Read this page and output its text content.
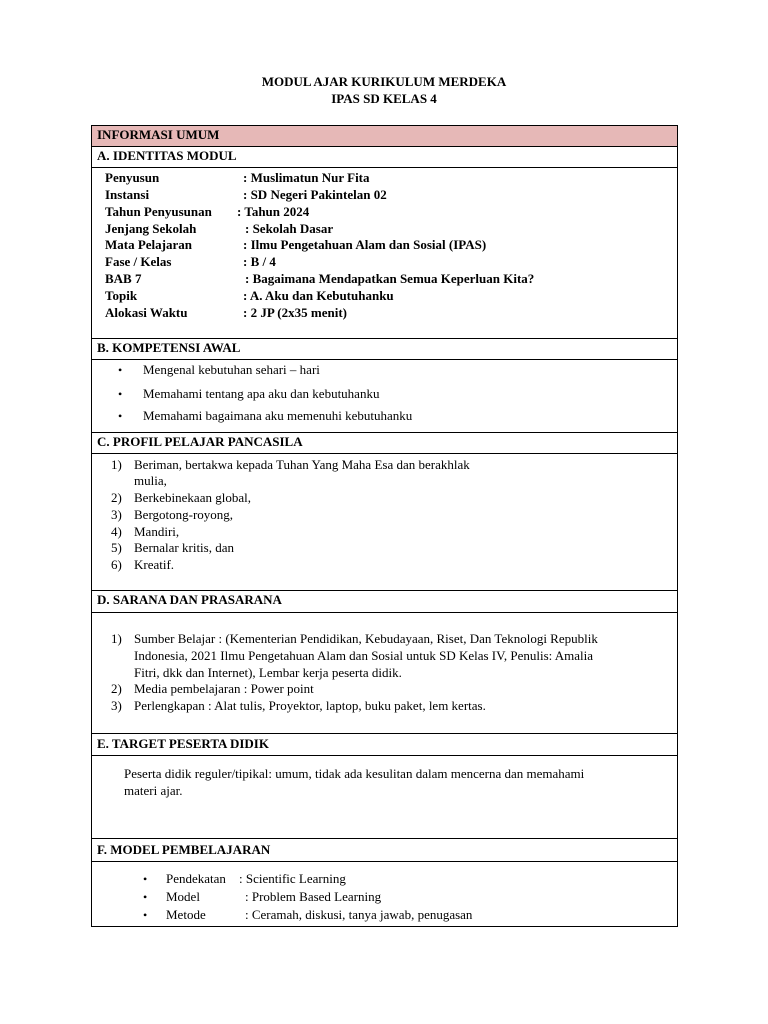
MODUL AJAR KURIKULUM MERDEKA
IPAS SD KELAS 4
INFORMASI UMUM
A. IDENTITAS MODUL
Penyusun	: Muslimatun Nur Fita
Instansi	: SD Negeri Pakintelan 02
Tahun Penyusunan : Tahun 2024
Jenjang Sekolah	: Sekolah Dasar
Mata Pelajaran	: Ilmu Pengetahuan Alam dan Sosial (IPAS)
Fase / Kelas	: B / 4
BAB 7	: Bagaimana Mendapatkan Semua Keperluan Kita?
Topik	: A. Aku dan Kebutuhanku
Alokasi Waktu	: 2 JP (2x35 menit)
B. KOMPETENSI AWAL
• Mengenal kebutuhan sehari – hari
• Memahami tentang apa aku dan kebutuhanku
• Memahami bagaimana aku memenuhi kebutuhanku
C. PROFIL PELAJAR PANCASILA
1) Beriman, bertakwa kepada Tuhan Yang Maha Esa dan berakhlak
mulia,
2) Berkebinekaan global,
3) Bergotong-royong,
4) Mandiri,
5) Bernalar kritis, dan
6) Kreatif.
D. SARANA DAN PRASARANA
1) Sumber Belajar : (Kementerian Pendidikan, Kebudayaan, Riset, Dan Teknologi Republik
Indonesia, 2021 Ilmu Pengetahuan Alam dan Sosial untuk SD Kelas IV, Penulis: Amalia
Fitri, dkk dan Internet), Lembar kerja peserta didik.
2) Media pembelajaran : Power point
3) Perlengkapan : Alat tulis, Proyektor, laptop, buku paket, lem kertas.
E. TARGET PESERTA DIDIK
Peserta didik reguler/tipikal: umum, tidak ada kesulitan dalam mencerna dan memahami
materi ajar.
F. MODEL PEMBELAJARAN
• Pendekatan : Scientific Learning
• Model	: Problem Based Learning
• Metode	: Ceramah, diskusi, tanya jawab, penugasan
